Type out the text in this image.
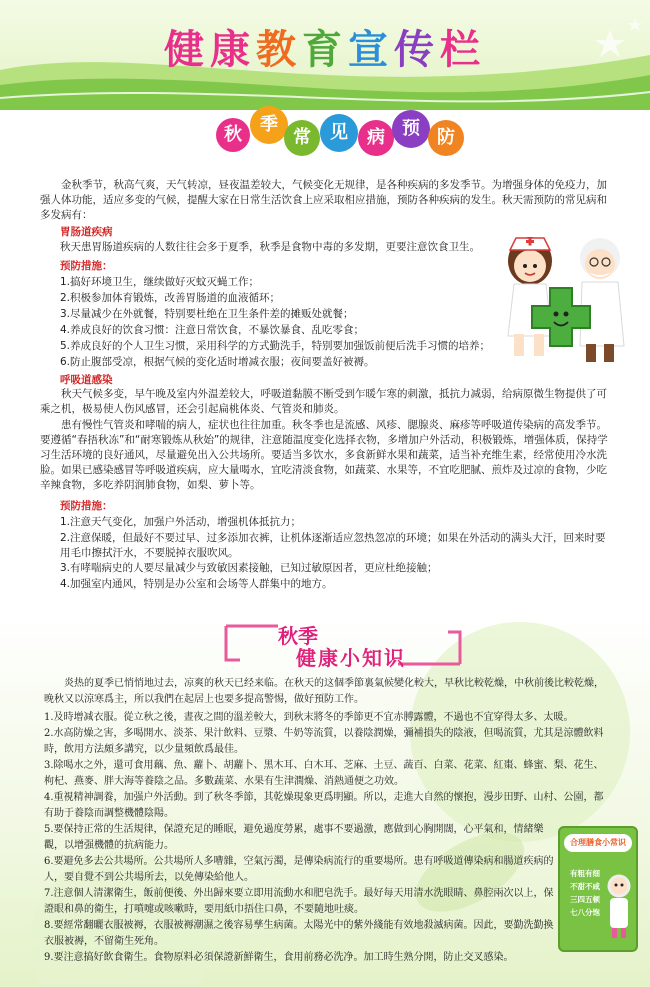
健康教育宣传栏
秋	季
常	见	病 预 防
金秋季节，秋高气爽，天气转凉，昼夜温差较大，气候变化无规律，是各种疾病的多发季节。为增强身体的免疫力，加强人体功能，适应多变的气候，提醒大家在日常生活饮食上应采取相应措施，预防各种疾病的发生。秋天需预防的常见病和多发病有：
胃肠道疾病
秋天患胃肠道疾病的人数往往会多于夏季，秋季是食物中毒的多发期，更要注意饮食卫生。
预防措施：
1.搞好环境卫生，继续做好灭蚊灭蝇工作；
2.积极参加体育锻炼，改善胃肠道的血液循环；
3.尽量减少在外就餐，特别要杜绝在卫生条件差的摊贩处就餐；
4.养成良好的饮食习惯：注意日常饮食，不暴饮暴食、乱吃零食；
5.养成良好的个人卫生习惯，采用科学的方式勤洗手，特别要加强饭前便后洗手习惯的培养；
6.防止腹部受凉，根据气候的变化适时增减衣服；夜间要盖好被褥。
呼吸道感染
秋天气候多变，早午晚及室内外温差较大，呼吸道黏膜不断受到乍暖乍寒的刺激，抵抗力减弱，给病原微生物提供了可乘之机，极易使人伤风感冒，还会引起扁桃体炎、气管炎和肺炎。
患有慢性气管炎和哮喘的病人，症状也往往加重。秋冬季也是流感、风疹、腮腺炎、麻疹等呼吸道传染病的高发季节。要遵循“春捂秋冻”和“耐寒锻炼从秋始”的规律，注意随温度变化选择衣物，多增加户外活动，积极锻炼，增强体质，保持学习生活环境的良好通风，尽量避免出入公共场所。要适当多饮水，多食新鲜水果和蔬菜，适当补充维生素，经常使用冷水洗脸。如果已感染感冒等呼吸道疾病，应大量喝水，宜吃清淡食物，如蔬菜、水果等，不宜吃肥腻、煎炸及过凉的食物，少吃辛辣食物，多吃养阴润肺食物，如梨、萝卜等。
预防措施：
1.注意天气变化，加强户外活动，增强机体抵抗力；
2.注意保暖，但最好不要过早、过多添加衣裤，让机体逐渐适应忽热忽凉的环境；如果在外活动的满头大汗，回来时要用毛巾擦拭汗水，不要脱掉衣服吹风。
3.有哮喘病史的人要尽量减少与致敏因素接触，已知过敏原因者，更应杜绝接触；
4.加强室内通风，特别是办公室和会场等人群集中的地方。
秋季
健康小知识
炎热的夏季已悄悄地过去，凉爽的秋天已经来临。在秋天的这個季節裏氣候變化較大，早秋比較乾燥，中秋前後比較乾燥，晚秋又以涼寒爲主，所以我們在起居上也要多提高警惕，做好預防工作。
1.及時增减衣服。從立秋之後，晝夜之間的溫差較大，到秋末將冬的季節更不宜赤膊露體，不過也不宜穿得太多、太暖。
2.水高防燥之害，多喝開水、淡茶、果汁飲料、豆漿、牛奶等流質，以養陰潤燥，彌補損失的陰液，但喝流質，尤其是涼體飲料時，飲用方法頗多講究，以少量頻飲爲最佳。
3.除喝水之外，還可食用藕、魚、蘿卜、胡蘿卜、黑木耳、白木耳、芝麻、土豆、蔬百、白菜、花菜、紅棗、蜂蜜、梨、花生、枸杞、燕麥、胖大海等養陰之品。多數蔬菜、水果有生津潤燥、消熱通便之功效。
4.重視精神調養，加强户外活動。到了秋冬季節，其乾燥現象更爲明顯。所以，走進大自然的懷抱，漫步田野、山村、公園，都有助于養陰而調整機體陰陽。
5.要保持正常的生活規律，保證充足的睡眠，避免過度勞累，處事不要過激，應做到心胸開闊，心平氣和，情緒樂觀，以增强機體的抗病能力。
6.要避免多去公共場所。公共場所人多嘈雜，空氣污濁，是傳染病流行的重要場所。患有呼吸道傳染病和腸道疾病的人，要自覺不到公共場所去，以免傳染給他人。
7.注意個人清潔衛生，飯前便後、外出歸來要立即用流動水和肥皂洗手。最好每天用清水洗眼睛、鼻腔兩次以上，保證眼和鼻的衛生，打噴嚏或咳嗽時，要用紙巾捂住口鼻，不要隨地吐痰。
8.要經常翻曬衣服被褥，衣服被褥潮濕之後容易孳生病菌。太陽光中的紫外綫能有效地殺滅病菌。因此，要勤洗勤換衣服被褥，不留衛生死角。
9.要注意搞好飲食衛生。食物原料必須保證新鮮衛生，食用前務必洗净。加工時生熟分開，防止交叉感染。
合理膳食小常识
有粗有细
不甜不咸
三四五顿
七八分饱
